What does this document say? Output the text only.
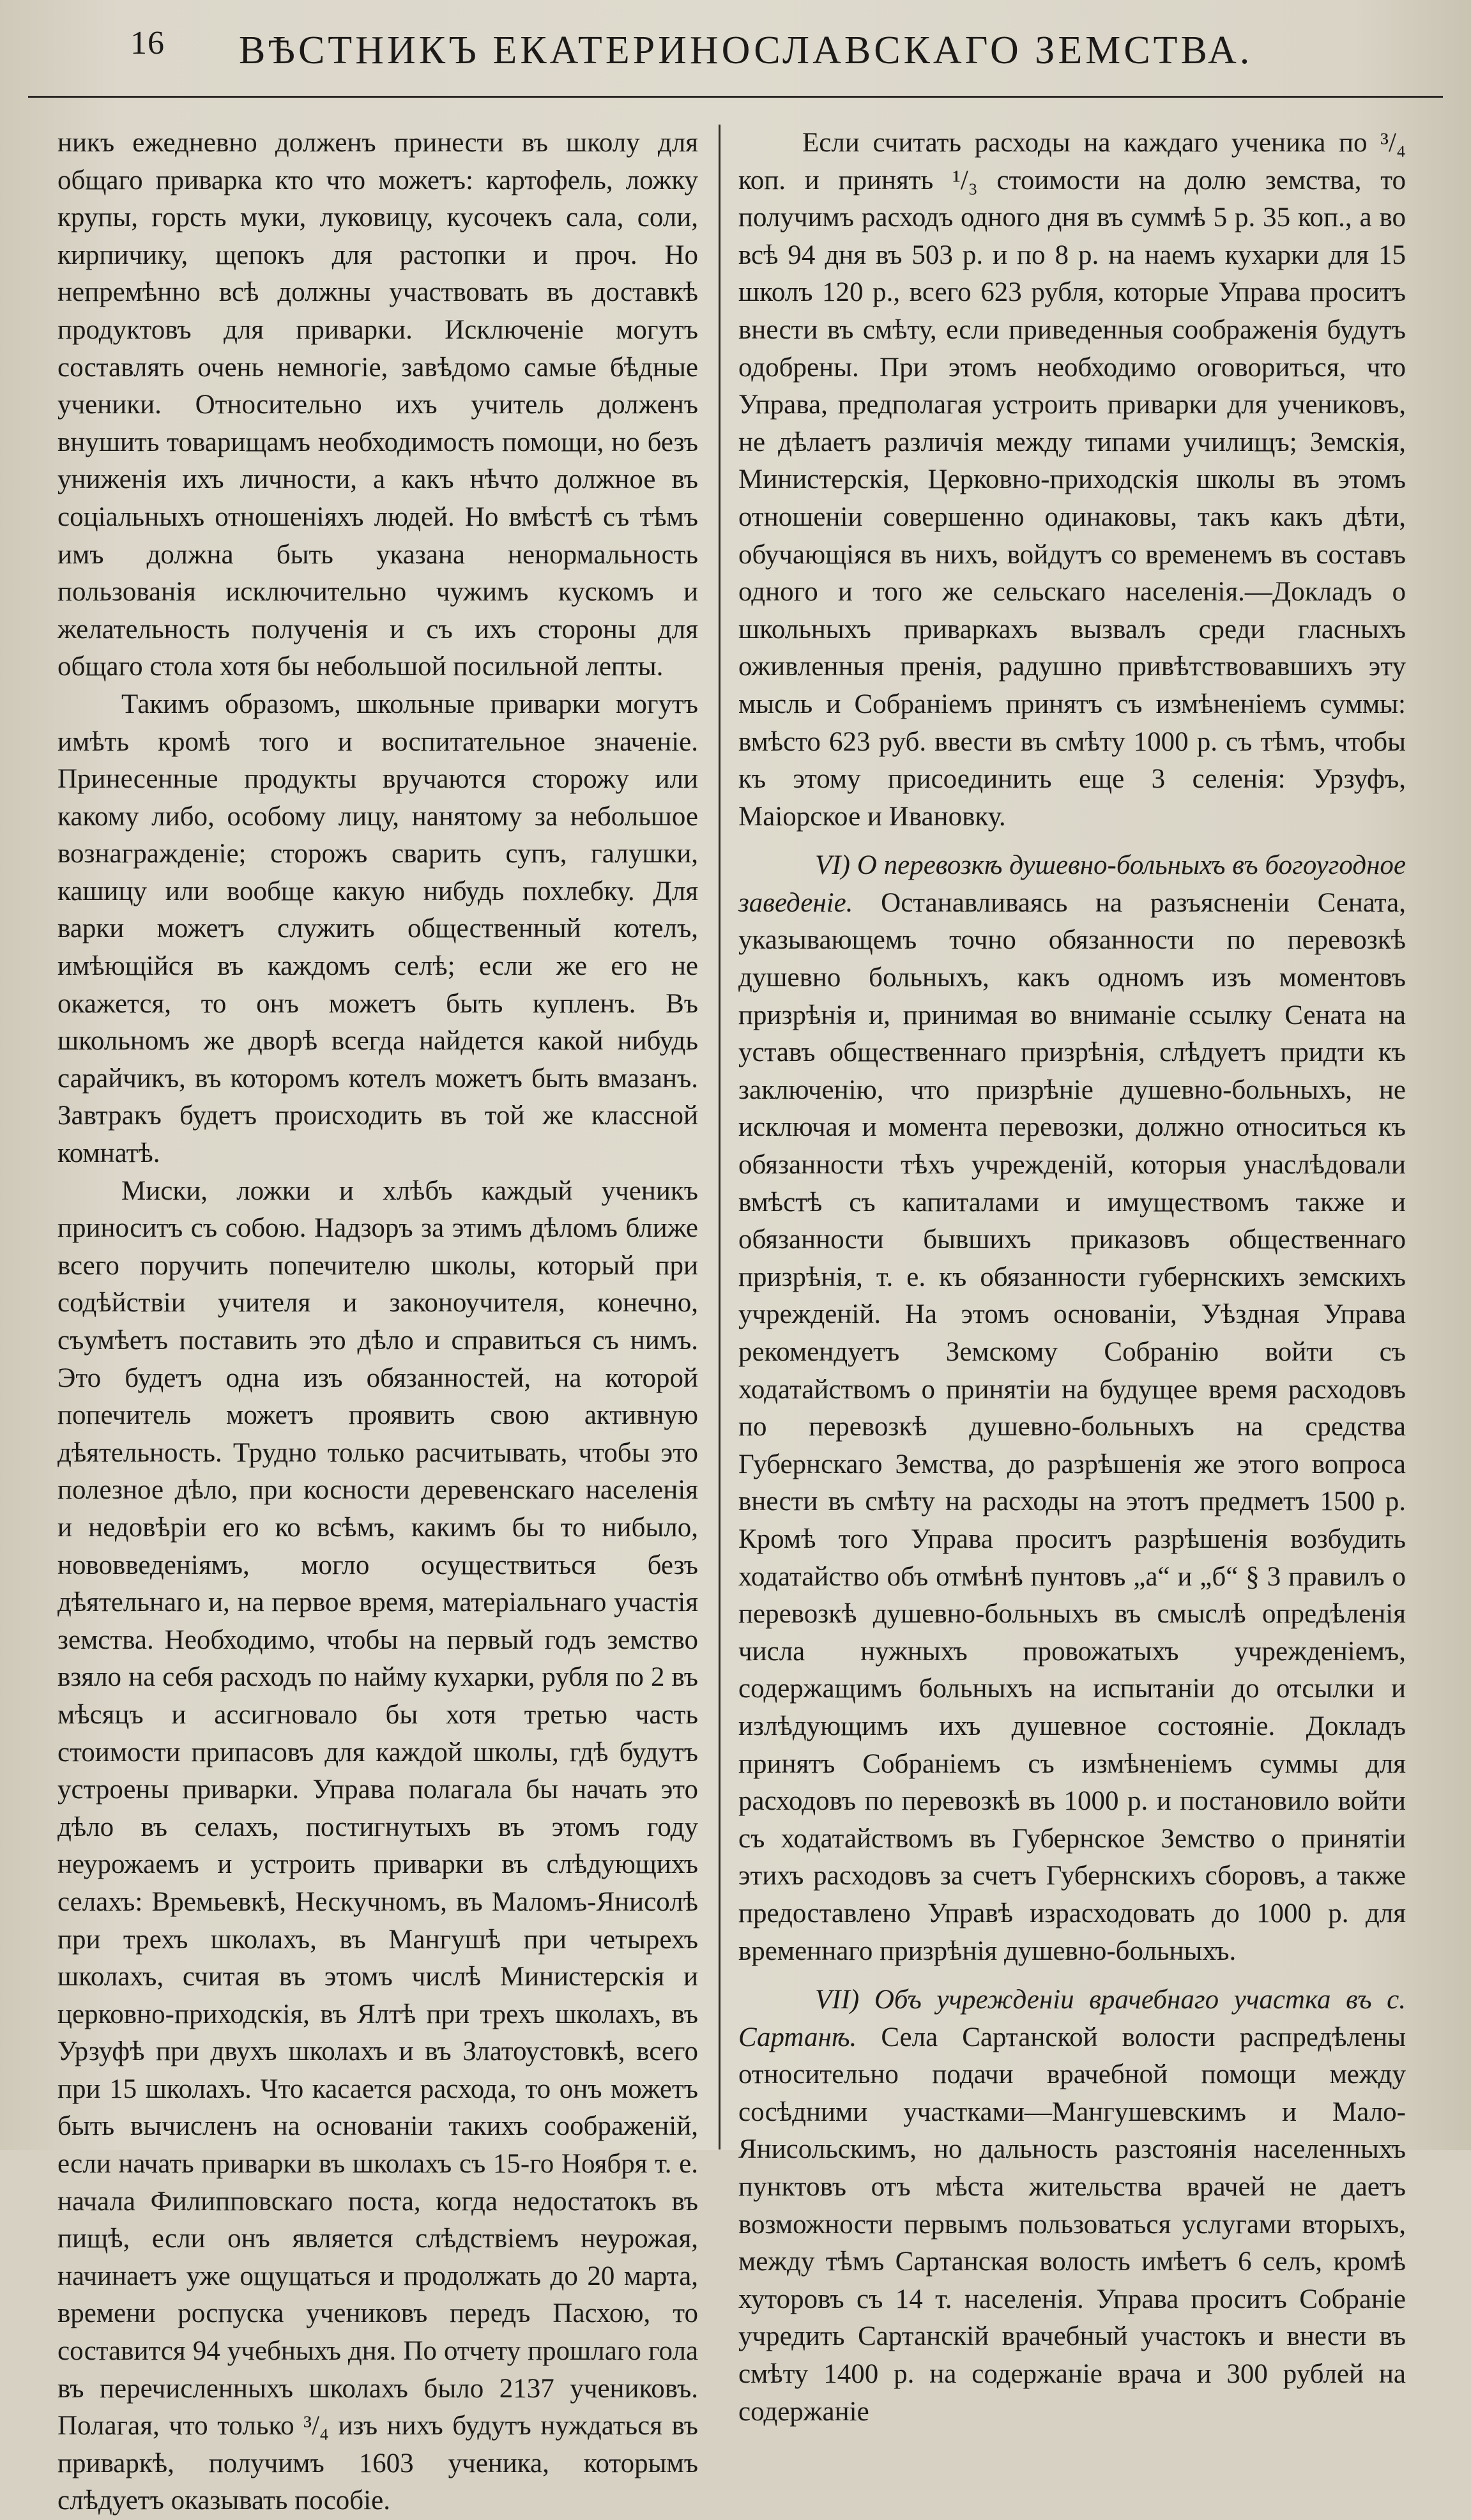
16 ВѢСТНИКЪ ЕКАТЕРИНОСЛАВСКАГО ЗЕМСТВА.

никъ ежедневно долженъ принести въ школу для общаго приварка кто что можетъ: картофель, ложку крупы, горсть муки, луковицу, кусочекъ сала, соли, кирпичику, щепокъ для растопки и проч. Но непремѣнно всѣ должны участвовать въ доставкѣ продуктовъ для приварки. Исключеніе могутъ составлять очень немногіе, завѣдомо самые бѣдные ученики. Относительно ихъ учитель долженъ внушить товарищамъ необходимость помощи, но безъ униженія ихъ личности, а какъ нѣчто должное въ соціальныхъ отношеніяхъ людей. Но вмѣстѣ съ тѣмъ имъ должна быть указана ненормальность пользованія исключительно чужимъ кускомъ и желательность полученія и съ ихъ стороны для общаго стола хотя бы небольшой посильной лепты.

Такимъ образомъ, школьные приварки могутъ имѣть кромѣ того и воспитательное значеніе. Принесенные продукты вручаются сторожу или какому либо, особому лицу, нанятому за небольшое вознагражденіе; сторожъ сварить супъ, галушки, кашицу или вообще какую нибудь похлебку. Для варки можетъ служить общественный котелъ, имѣющійся въ каждомъ селѣ; если же его не окажется, то онъ можетъ быть купленъ. Въ школьномъ же дворѣ всегда найдется какой нибудь сарайчикъ, въ которомъ котелъ можетъ быть вмазанъ. Завтракъ будетъ происходить въ той же классной комнатѣ.

Миски, ложки и хлѣбъ каждый ученикъ приноситъ съ собою. Надзоръ за этимъ дѣломъ ближе всего поручить попечителю школы, который при содѣйствіи учителя и законоучителя, конечно, съумѣетъ поставить это дѣло и справиться съ нимъ. Это будетъ одна изъ обязанностей, на которой попечитель можетъ проявить свою активную дѣятельность. Трудно только расчитывать, чтобы это полезное дѣло, при косности деревенскаго населенія и недовѣріи его ко всѣмъ, какимъ бы то нибыло, нововведеніямъ, могло осуществиться безъ дѣятельнаго и, на первое время, матеріальнаго участія земства. Необходимо, чтобы на первый годъ земство взяло на себя расходъ по найму кухарки, рубля по 2 въ мѣсяцъ и ассигновало бы хотя третью часть стоимости припасовъ для каждой школы, гдѣ будутъ устроены приварки. Управа полагала бы начать это дѣло въ селахъ, постигнутыхъ въ этомъ году неурожаемъ и устроить приварки въ слѣдующихъ селахъ: Времьевкѣ, Нескучномъ, въ Маломъ-Янисолѣ при трехъ школахъ, въ Мангушѣ при четырехъ школахъ, считая въ этомъ числѣ Министерскія и церковно-приходскія, въ Ялтѣ при трехъ школахъ, въ Урзуфѣ при двухъ школахъ и въ Златоустовкѣ, всего при 15 школахъ. Что касается расхода, то онъ можетъ быть вычисленъ на основаніи такихъ соображеній, если начать приварки въ школахъ съ 15-го Ноября т. е. начала Филипповскаго поста, когда недостатокъ въ пищѣ, если онъ является слѣдствіемъ неурожая, начинаетъ уже ощущаться и продолжать до 20 марта, времени роспуска учениковъ передъ Пасхою, то составится 94 учебныхъ дня. По отчету прошлаго гола въ перечисленныхъ школахъ было 2137 учениковъ. Полагая, что только ³/₄ изъ нихъ будутъ нуждаться въ приваркѣ, получимъ 1603 ученика, которымъ слѣдуетъ оказывать пособіе.

Если считать расходы на каждаго ученика по ³/₄ коп. и принять ¹/₃ стоимости на долю земства, то получимъ расходъ одного дня въ суммѣ 5 р. 35 коп., а во всѣ 94 дня въ 503 р. и по 8 р. на наемъ кухарки для 15 школъ 120 р., всего 623 рубля, которые Управа проситъ внести въ смѣту, если приведенныя соображенія будутъ одобрены. При этомъ необходимо оговориться, что Управа, предполагая устроить приварки для учениковъ, не дѣлаетъ различія между типами училищъ; Земскія, Министерскія, Церковно-приходскія школы въ этомъ отношеніи совершенно одинаковы, такъ какъ дѣти, обучающіяся въ нихъ, войдутъ со временемъ въ составъ одного и того же сельскаго населенія.—Докладъ о школьныхъ приваркахъ вызвалъ среди гласныхъ оживленныя пренія, радушно привѣтствовавшихъ эту мысль и Собраніемъ принятъ съ измѣненіемъ суммы: вмѣсто 623 руб. ввести въ смѣту 1000 р. съ тѣмъ, чтобы къ этому присоединить еще 3 селенія: Урзуфъ, Маіорское и Ивановку.

VI) О перевозкѣ душевно-больныхъ въ богоугодное заведеніе. Останавливаясь на разъясненіи Сената, указывающемъ точно обязанности по перевозкѣ душевно больныхъ, какъ одномъ изъ моментовъ призрѣнія и, принимая во вниманіе ссылку Сената на уставъ общественнаго призрѣнія, слѣдуетъ придти къ заключенію, что призрѣніе душевно-больныхъ, не исключая и момента перевозки, должно относиться къ обязанности тѣхъ учрежденій, которыя унаслѣдовали вмѣстѣ съ капиталами и имуществомъ также и обязанности бывшихъ приказовъ общественнаго призрѣнія, т. е. къ обязанности губернскихъ земскихъ учрежденій. На этомъ основаніи, Уѣздная Управа рекомендуетъ Земскому Собранію войти съ ходатайствомъ о принятіи на будущее время расходовъ по перевозкѣ душевно-больныхъ на средства Губернскаго Земства, до разрѣшенія же этого вопроса внести въ смѣту на расходы на этотъ предметъ 1500 р. Кромѣ того Управа проситъ разрѣшенія возбудить ходатайство объ отмѣнѣ пунтовъ „а“ и „б“ § 3 правилъ о перевозкѣ душевно-больныхъ въ смыслѣ опредѣленія числа нужныхъ провожатыхъ учрежденіемъ, содержащимъ больныхъ на испытаніи до отсылки и излѣдующимъ ихъ душевное состояніе. Докладъ принятъ Собраніемъ съ измѣненіемъ суммы для расходовъ по перевозкѣ въ 1000 р. и постановило войти съ ходатайствомъ въ Губернское Земство о принятіи этихъ расходовъ за счетъ Губернскихъ сборовъ, а также предоставлено Управѣ израсходовать до 1000 р. для временнаго призрѣнія душевно-больныхъ.

VII) Объ учрежденіи врачебнаго участка въ с. Сартанѣ. Села Сартанской волости распредѣлены относительно подачи врачебной помощи между сосѣдними участками—Мангушевскимъ и Мало-Янисольскимъ, но дальность разстоянія населенныхъ пунктовъ отъ мѣста жительства врачей не даетъ возможности первымъ пользоваться услугами вторыхъ, между тѣмъ Сартанская волость имѣетъ 6 селъ, кромѣ хуторовъ съ 14 т. населенія. Управа проситъ Собраніе учредить Сартанскій врачебный участокъ и внести въ смѣту 1400 р. на содержаніе врача и 300 рублей на содержаніе
